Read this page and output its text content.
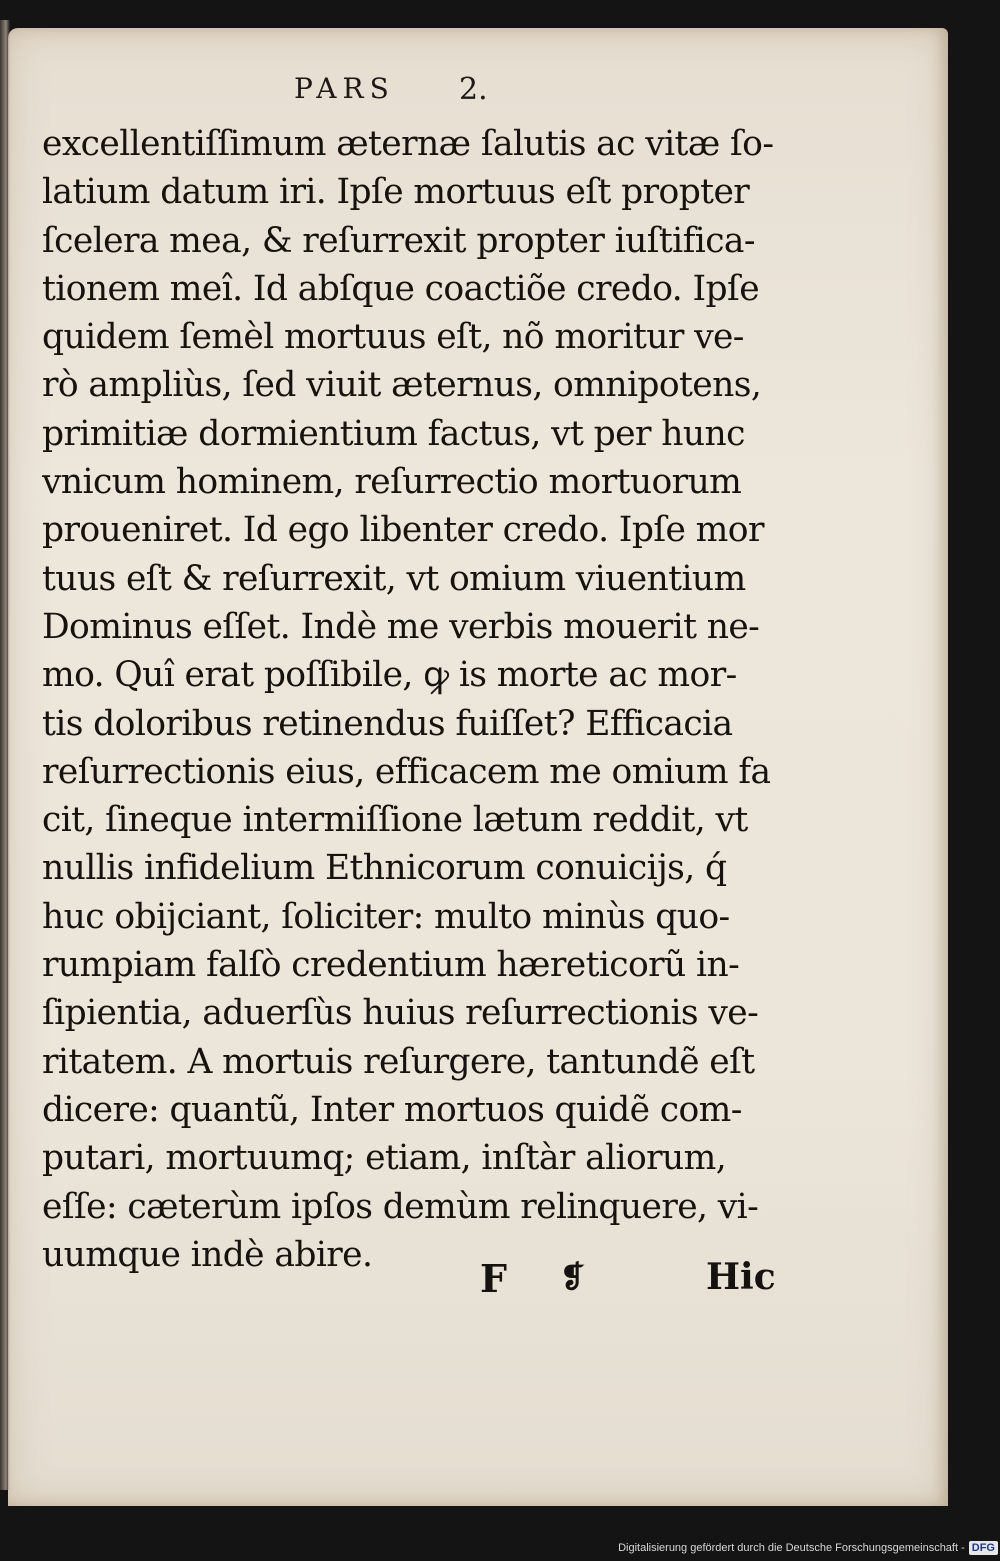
PARS 2.
excellentiſſimum æternæ ſalutis ac vitæ ſo-
latium datum iri. Ipſe mortuus eſt propter
ſcelera mea, & reſurrexit propter iuſtifica-
tionem meî. Id abſque coactiõe credo. Ipſe
quidem ſemèl mortuus eſt, nõ moritur ve-
rò ampliùs, ſed viuit æternus, omnipotens,
primitiæ dormientium factus, vt per hunc
vnicum hominem, reſurrectio mortuorum
proueniret. Id ego libenter credo. Ipſe mor
tuus eſt & reſurrexit, vt omium viuentium
Dominus eſſet. Indè me verbis mouerit ne-
mo. Quî erat poſſibile, ꝙ is morte ac mor-
tis doloribus retinendus fuiſſet? Efficacia
reſurrectionis eius, efficacem me omium fa
cit, ſineque intermiſſione lætum reddit, vt
nullis infidelium Ethnicorum conuicijs, q́
huc obijciant, ſoliciter: multo minùs quo-
rumpiam falſò credentium hæreticorũ in-
ſipientia, aduerſùs huius reſurrectionis ve-
ritatem. A mortuis reſurgere, tantundẽ eſt
dicere: quantũ, Inter mortuos quidẽ com-
putari, mortuumq; etiam, inſtàr aliorum,
eſſe: cæterùm ipſos demùm relinquere, vi-
uumque indè abire.
F ❡	Hic
Digitalisierung gefördert durch die Deutsche Forschungsgemeinschaft - DFG
